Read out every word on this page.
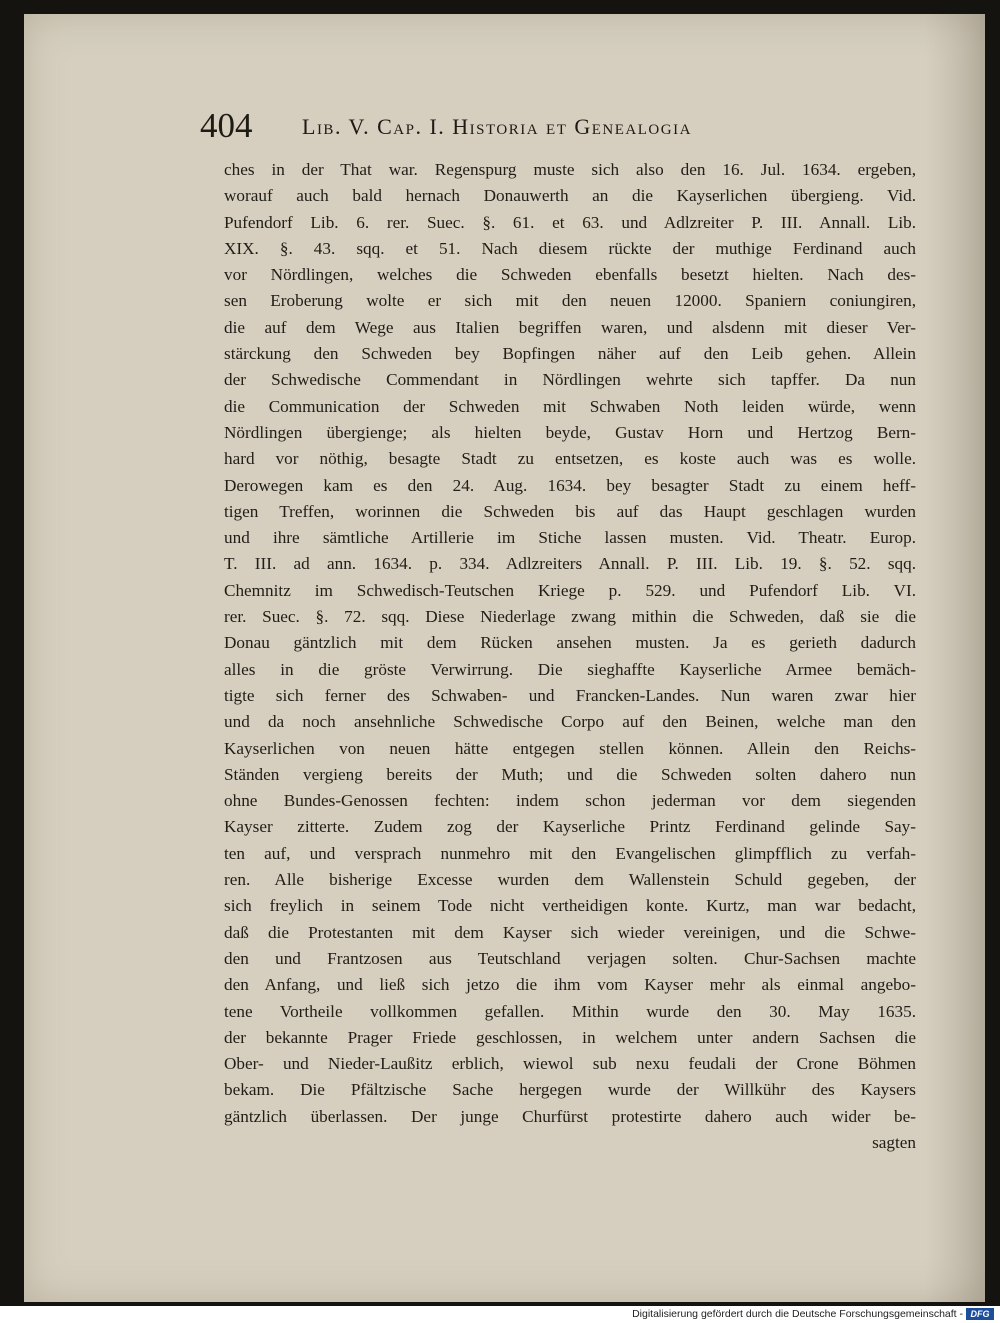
404 Lib. V. Cap. I. Historia et Genealogia
ches in der That war. Regenspurg muste sich also den 16. Jul. 1634. ergeben,
worauf auch bald hernach Donauwerth an die Kayserlichen übergieng. Vid.
Pufendorf Lib. 6. rer. Suec. §. 61. et 63. und Adlzreiter P. III. Annall. Lib.
XIX. §. 43. sqq. et 51. Nach diesem rückte der muthige Ferdinand auch
vor Nördlingen, welches die Schweden ebenfalls besetzt hielten. Nach des-
sen Eroberung wolte er sich mit den neuen 12000. Spaniern coniungiren,
die auf dem Wege aus Italien begriffen waren, und alsdenn mit dieser Ver-
stärckung den Schweden bey Bopfingen näher auf den Leib gehen. Allein
der Schwedische Commendant in Nördlingen wehrte sich tapffer. Da nun
die Communication der Schweden mit Schwaben Noth leiden würde, wenn
Nördlingen übergienge; als hielten beyde, Gustav Horn und Hertzog Bern-
hard vor nöthig, besagte Stadt zu entsetzen, es koste auch was es wolle.
Derowegen kam es den 24. Aug. 1634. bey besagter Stadt zu einem heff-
tigen Treffen, worinnen die Schweden bis auf das Haupt geschlagen wurden
und ihre sämtliche Artillerie im Stiche lassen musten. Vid. Theatr. Europ.
T. III. ad ann. 1634. p. 334. Adlzreiters Annall. P. III. Lib. 19. §. 52. sqq.
Chemnitz im Schwedisch-Teutschen Kriege p. 529. und Pufendorf Lib. VI.
rer. Suec. §. 72. sqq. Diese Niederlage zwang mithin die Schweden, daß sie die
Donau gäntzlich mit dem Rücken ansehen musten. Ja es gerieth dadurch
alles in die gröste Verwirrung. Die sieghaffte Kayserliche Armee bemäch-
tigte sich ferner des Schwaben- und Francken-Landes. Nun waren zwar hier
und da noch ansehnliche Schwedische Corpo auf den Beinen, welche man den
Kayserlichen von neuen hätte entgegen stellen können. Allein den Reichs-
Ständen vergieng bereits der Muth; und die Schweden solten dahero nun
ohne Bundes-Genossen fechten: indem schon jederman vor dem siegenden
Kayser zitterte. Zudem zog der Kayserliche Printz Ferdinand gelinde Say-
ten auf, und versprach nunmehro mit den Evangelischen glimpfflich zu verfah-
ren. Alle bisherige Excesse wurden dem Wallenstein Schuld gegeben, der
sich freylich in seinem Tode nicht vertheidigen konte. Kurtz, man war bedacht,
daß die Protestanten mit dem Kayser sich wieder vereinigen, und die Schwe-
den und Frantzosen aus Teutschland verjagen solten. Chur-Sachsen machte
den Anfang, und ließ sich jetzo die ihm vom Kayser mehr als einmal angebo-
tene Vortheile vollkommen gefallen. Mithin wurde den 30. May 1635.
der bekannte Prager Friede geschlossen, in welchem unter andern Sachsen die
Ober- und Nieder-Laußitz erblich, wiewol sub nexu feudali der Crone Böhmen
bekam. Die Pfältzische Sache hergegen wurde der Willkühr des Kaysers
gäntzlich überlassen. Der junge Churfürst protestirte dahero auch wider be-
sagten
Digitalisierung gefördert durch die Deutsche Forschungsgemeinschaft - DFG
